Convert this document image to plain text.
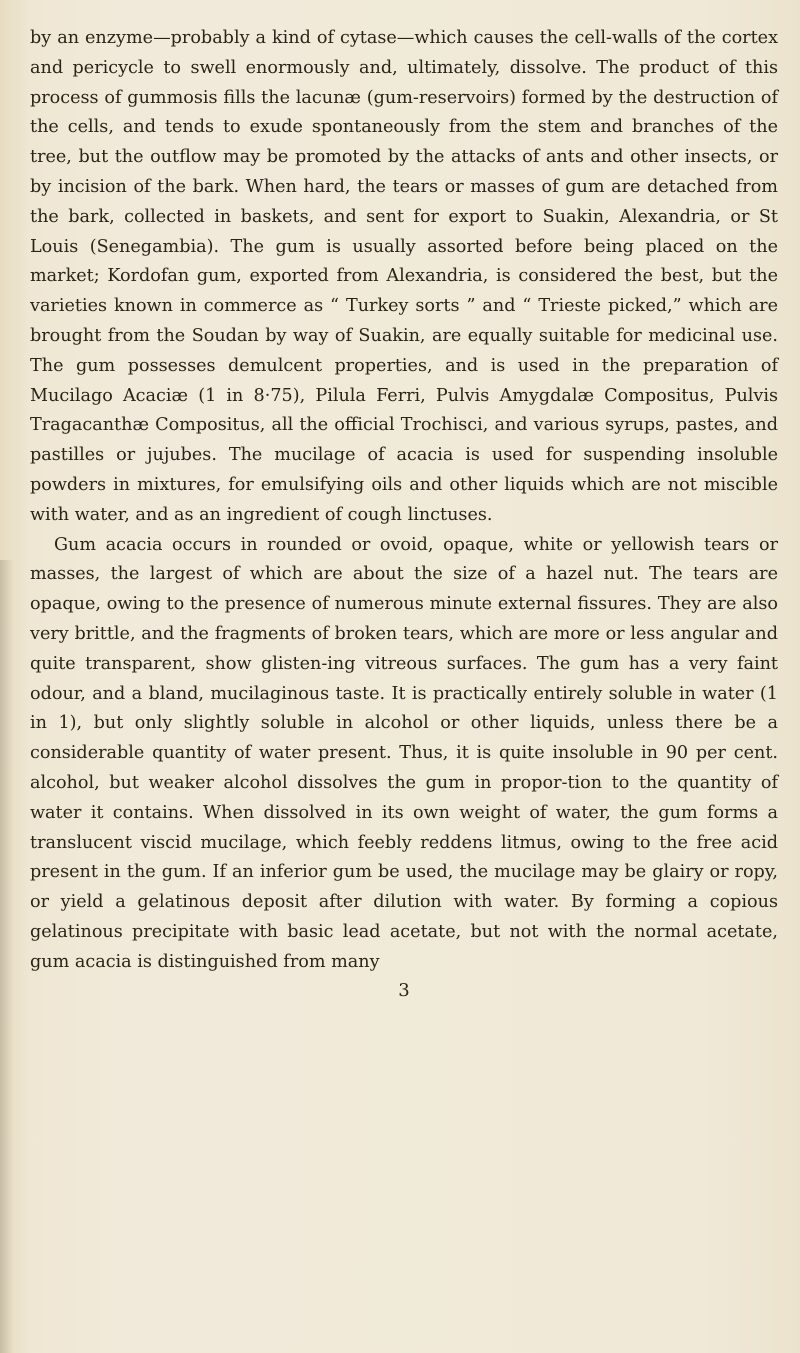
by an enzyme—probably a kind of cytase—which causes the cell-walls of the cortex and pericycle to swell enormously and, ultimately, dissolve. The product of this process of gummosis fills the lacunæ (gum-reservoirs) formed by the destruction of the cells, and tends to exude spontaneously from the stem and branches of the tree, but the outflow may be promoted by the attacks of ants and other insects, or by incision of the bark. When hard, the tears or masses of gum are detached from the bark, collected in baskets, and sent for export to Suakin, Alexandria, or St Louis (Senegambia). The gum is usually assorted before being placed on the market; Kordofan gum, exported from Alexandria, is considered the best, but the varieties known in commerce as “ Turkey sorts ” and “ Trieste picked,” which are brought from the Soudan by way of Suakin, are equally suitable for medicinal use. The gum possesses demulcent properties, and is used in the preparation of Mucilago Acaciæ (1 in 8·75), Pilula Ferri, Pulvis Amygdalæ Compositus, Pulvis Tragacanthæ Compositus, all the official Trochisci, and various syrups, pastes, and pastilles or jujubes. The mucilage of acacia is used for suspending insoluble powders in mixtures, for emulsifying oils and other liquids which are not miscible with water, and as an ingredient of cough linctuses.

Gum acacia occurs in rounded or ovoid, opaque, white or yellowish tears or masses, the largest of which are about the size of a hazel nut. The tears are opaque, owing to the presence of numerous minute external fissures. They are also very brittle, and the fragments of broken tears, which are more or less angular and quite transparent, show glisten-ing vitreous surfaces. The gum has a very faint odour, and a bland, mucilaginous taste. It is practically entirely soluble in water (1 in 1), but only slightly soluble in alcohol or other liquids, unless there be a considerable quantity of water present. Thus, it is quite insoluble in 90 per cent. alcohol, but weaker alcohol dissolves the gum in propor-tion to the quantity of water it contains. When dissolved in its own weight of water, the gum forms a translucent viscid mucilage, which feebly reddens litmus, owing to the free acid present in the gum. If an inferior gum be used, the mucilage may be glairy or ropy, or yield a gelatinous deposit after dilution with water. By forming a copious gelatinous precipitate with basic lead acetate, but not with the normal acetate, gum acacia is distinguished from many

3
